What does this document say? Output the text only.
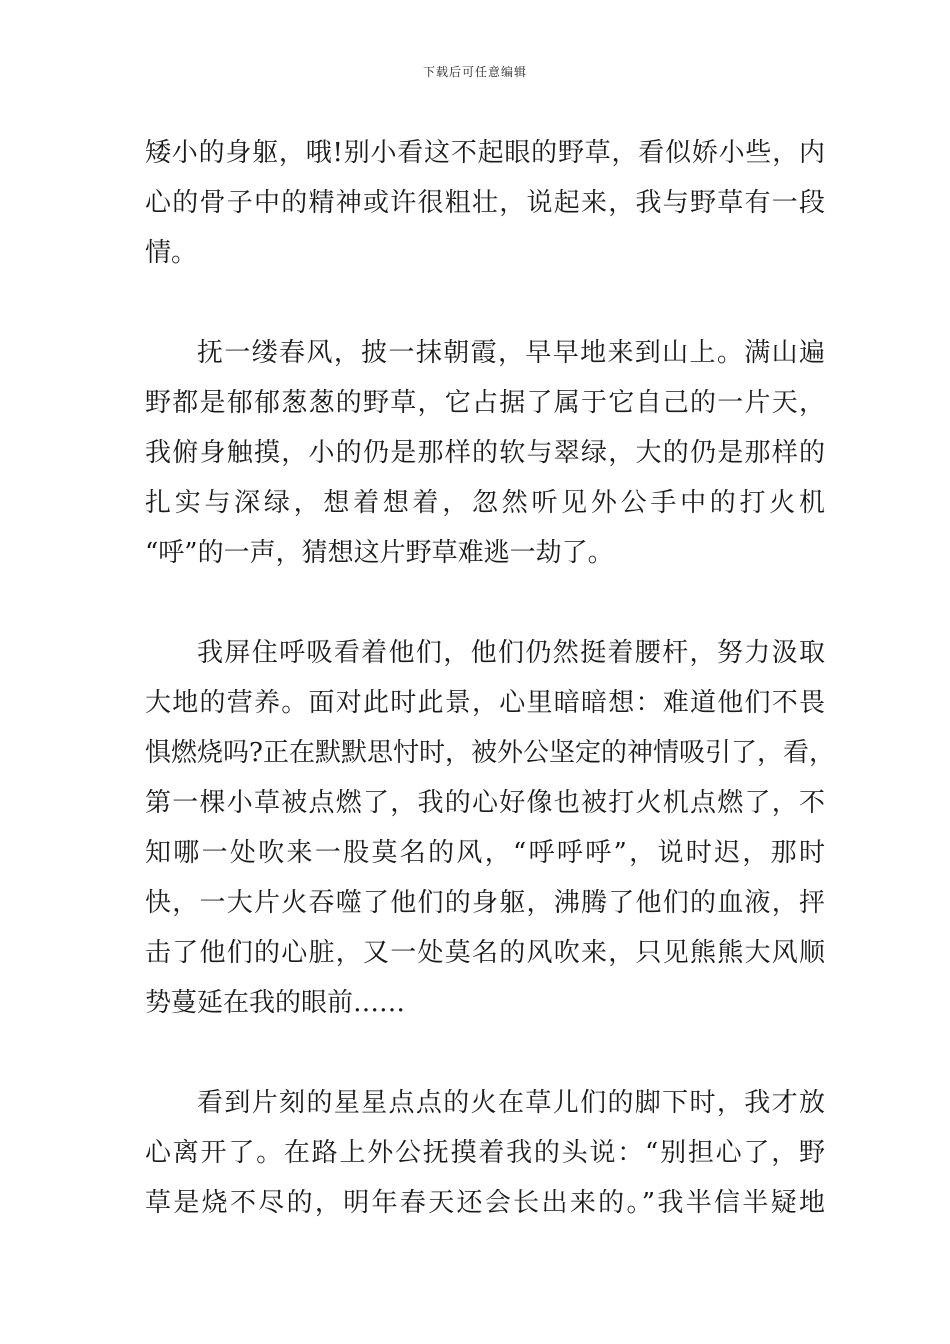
下载后可任意编辑
矮小的身躯，哦!别小看这不起眼的野草，看似娇小些，内
心的骨子中的精神或许很粗壮，说起来，我与野草有一段
情。
抚一缕春风，披一抹朝霞，早早地来到山上。满山遍
野都是郁郁葱葱的野草，它占据了属于它自己的一片天，
我俯身触摸，小的仍是那样的软与翠绿，大的仍是那样的
扎实与深绿，想着想着，忽然听见外公手中的打火机
“呼”的一声，猜想这片野草难逃一劫了。
我屏住呼吸看着他们，他们仍然挺着腰杆，努力汲取
大地的营养。面对此时此景，心里暗暗想：难道他们不畏
惧燃烧吗?正在默默思忖时，被外公坚定的神情吸引了，看，
第一棵小草被点燃了，我的心好像也被打火机点燃了，不
知哪一处吹来一股莫名的风，“呼呼呼”，说时迟，那时
快，一大片火吞噬了他们的身躯，沸腾了他们的血液，抨
击了他们的心脏，又一处莫名的风吹来，只见熊熊大风顺
势蔓延在我的眼前……
看到片刻的星星点点的火在草儿们的脚下时，我才放
心离开了。在路上外公抚摸着我的头说：“别担心了，野
草是烧不尽的，明年春天还会长出来的。”我半信半疑地
